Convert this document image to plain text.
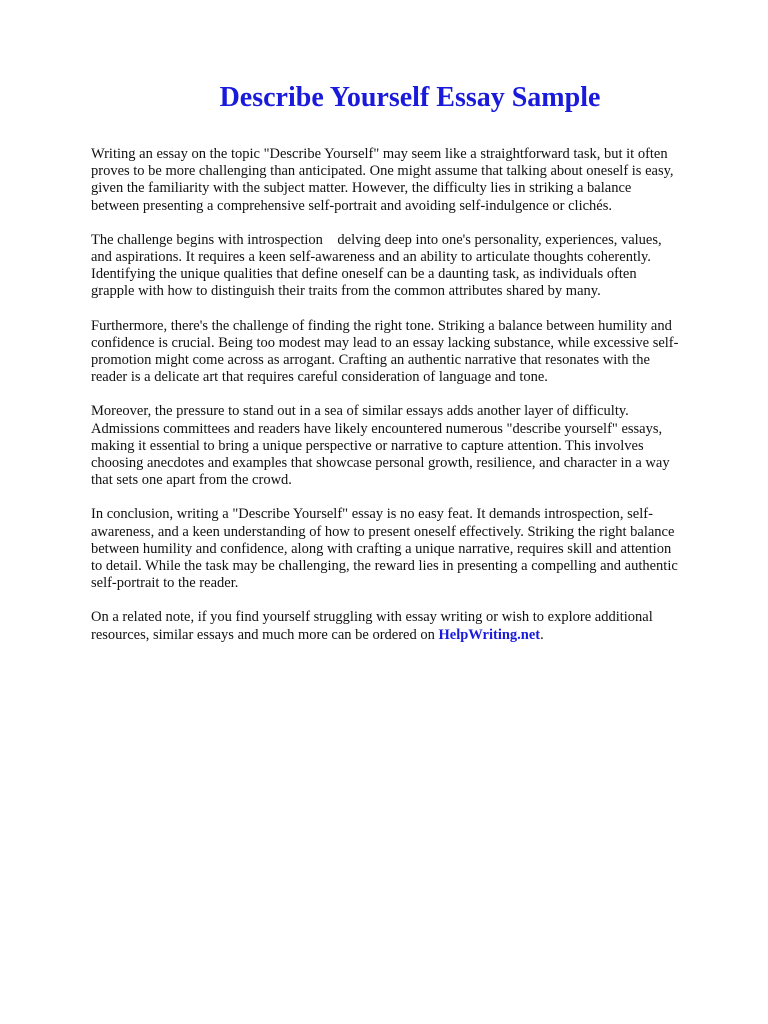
Describe Yourself Essay Sample

Writing an essay on the topic "Describe Yourself" may seem like a straightforward task, but it often
proves to be more challenging than anticipated. One might assume that talking about oneself is easy,
given the familiarity with the subject matter. However, the difficulty lies in striking a balance
between presenting a comprehensive self-portrait and avoiding self-indulgence or clichés.

The challenge begins with introspection    delving deep into one's personality, experiences, values,
and aspirations. It requires a keen self-awareness and an ability to articulate thoughts coherently.
Identifying the unique qualities that define oneself can be a daunting task, as individuals often
grapple with how to distinguish their traits from the common attributes shared by many.

Furthermore, there's the challenge of finding the right tone. Striking a balance between humility and
confidence is crucial. Being too modest may lead to an essay lacking substance, while excessive self-
promotion might come across as arrogant. Crafting an authentic narrative that resonates with the
reader is a delicate art that requires careful consideration of language and tone.

Moreover, the pressure to stand out in a sea of similar essays adds another layer of difficulty.
Admissions committees and readers have likely encountered numerous "describe yourself" essays,
making it essential to bring a unique perspective or narrative to capture attention. This involves
choosing anecdotes and examples that showcase personal growth, resilience, and character in a way
that sets one apart from the crowd.

In conclusion, writing a "Describe Yourself" essay is no easy feat. It demands introspection, self-
awareness, and a keen understanding of how to present oneself effectively. Striking the right balance
between humility and confidence, along with crafting a unique narrative, requires skill and attention
to detail. While the task may be challenging, the reward lies in presenting a compelling and authentic
self-portrait to the reader.

On a related note, if you find yourself struggling with essay writing or wish to explore additional
resources, similar essays and much more can be ordered on HelpWriting.net.
